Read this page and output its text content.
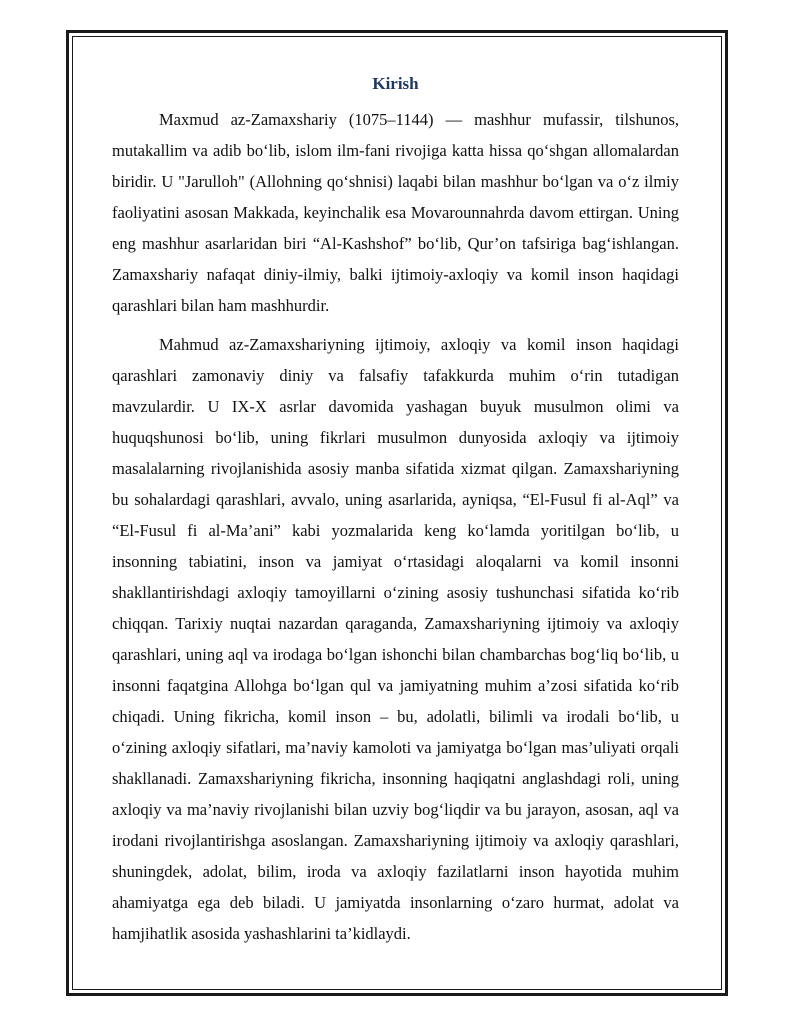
Kirish

Maxmud az-Zamaxshariy (1075–1144) — mashhur mufassir, tilshunos, mutakallim va adib bo‘lib, islom ilm-fani rivojiga katta hissa qo‘shgan allomalardan biridir. U "Jarulloh" (Allohning qo‘shnisi) laqabi bilan mashhur bo‘lgan va o‘z ilmiy faoliyatini asosan Makkada, keyinchalik esa Movarounnahrda davom ettirgan. Uning eng mashhur asarlaridan biri “Al-Kashshof” bo‘lib, Qur’on tafsiriga bag‘ishlangan. Zamaxshariy nafaqat diniy-ilmiy, balki ijtimoiy-axloqiy va komil inson haqidagi qarashlari bilan ham mashhurdir.

Mahmud az-Zamaxshariyning ijtimoiy, axloqiy va komil inson haqidagi qarashlari zamonaviy diniy va falsafiy tafakkurda muhim o‘rin tutadigan mavzulardir. U IX-X asrlar davomida yashagan buyuk musulmon olimi va huquqshunosi bo‘lib, uning fikrlari musulmon dunyosida axloqiy va ijtimoiy masalalarning rivojlanishida asosiy manba sifatida xizmat qilgan. Zamaxshariyning bu sohalardagi qarashlari, avvalo, uning asarlarida, ayniqsa, “El-Fusul fi al-Aql” va “El-Fusul fi al-Ma’ani” kabi yozmalarida keng ko‘lamda yoritilgan bo‘lib, u insonning tabiatini, inson va jamiyat o‘rtasidagi aloqalarni va komil insonni shakllantirishdagi axloqiy tamoyillarni o‘zining asosiy tushunchasi sifatida ko‘rib chiqqan. Tarixiy nuqtai nazardan qaraganda, Zamaxshariyning ijtimoiy va axloqiy qarashlari, uning aql va irodaga bo‘lgan ishonchi bilan chambarchas bog‘liq bo‘lib, u insonni faqatgina Allohga bo‘lgan qul va jamiyatning muhim a’zosi sifatida ko‘rib chiqadi. Uning fikricha, komil inson – bu, adolatli, bilimli va irodali bo‘lib, u o‘zining axloqiy sifatlari, ma’naviy kamoloti va jamiyatga bo‘lgan mas’uliyati orqali shakllanadi. Zamaxshariyning fikricha, insonning haqiqatni anglashdagi roli, uning axloqiy va ma’naviy rivojlanishi bilan uzviy bog‘liqdir va bu jarayon, asosan, aql va irodani rivojlantirishga asoslangan. Zamaxshariyning ijtimoiy va axloqiy qarashlari, shuningdek, adolat, bilim, iroda va axloqiy fazilatlarni inson hayotida muhim ahamiyatga ega deb biladi. U jamiyatda insonlarning o‘zaro hurmat, adolat va hamjihatlik asosida yashashlarini ta’kidlaydi.
